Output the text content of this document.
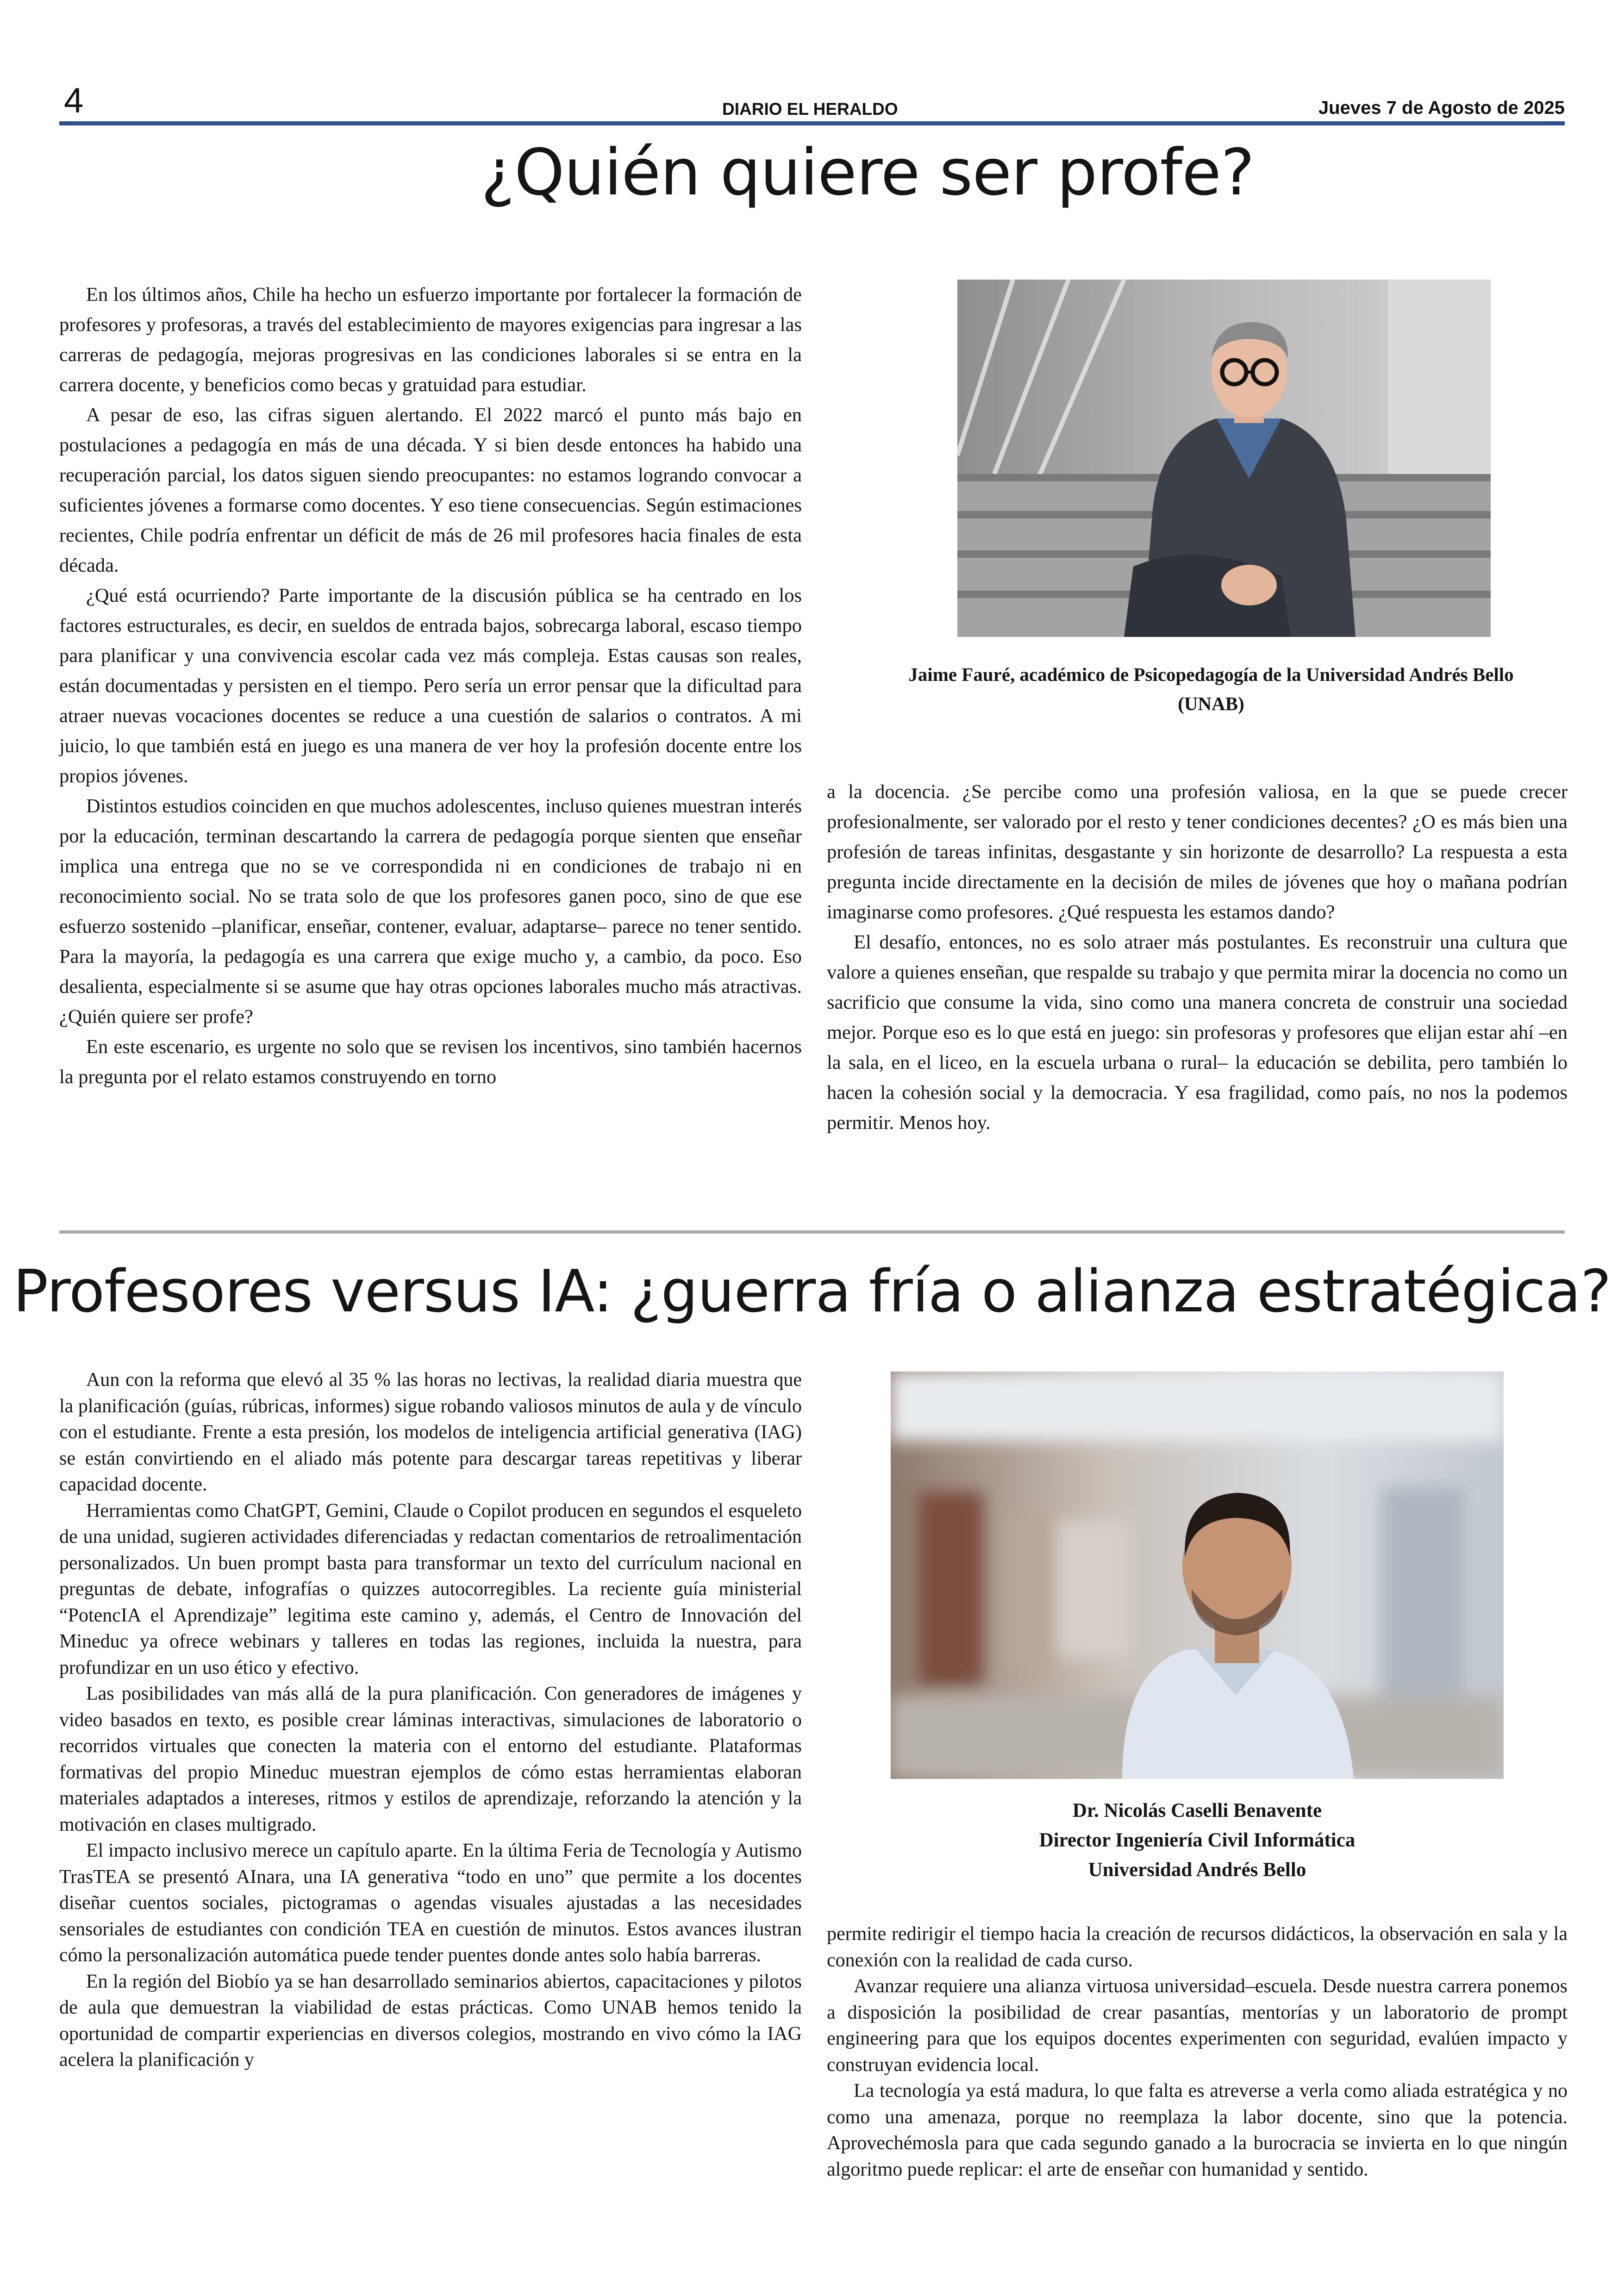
4	DIARIO EL HERALDO	Jueves 7 de Agosto de 2025
¿Quién quiere ser profe?

En los últimos años, Chile ha hecho un esfuerzo importante por fortalecer la formación de profesores y profesoras, a través del establecimiento de mayores exigencias para ingresar a las carreras de pedagogía, mejoras progresivas en las condiciones laborales si se entra en la carrera docente, y beneficios como becas y gratuidad para estudiar.

A pesar de eso, las cifras siguen alertando. El 2022 marcó el punto más bajo en postulaciones a pedagogía en más de una década. Y si bien desde entonces ha habido una recuperación parcial, los datos siguen siendo preocupantes: no estamos logrando convocar a suficientes jóvenes a formarse como docentes. Y eso tiene consecuencias. Según estimaciones recientes, Chile podría enfrentar un déficit de más de 26 mil profesores hacia finales de esta década.

¿Qué está ocurriendo? Parte importante de la discusión pública se ha centrado en los factores estructurales, es decir, en sueldos de entrada bajos, sobrecarga laboral, escaso tiempo para planificar y una convivencia escolar cada vez más compleja. Estas causas son reales, están documentadas y persisten en el tiempo. Pero sería un error pensar que la dificultad para atraer nuevas vocaciones docentes se reduce a una cuestión de salarios o contratos. A mi juicio, lo que también está en juego es una manera de ver hoy la profesión docente entre los propios jóvenes.

Distintos estudios coinciden en que muchos adolescentes, incluso quienes muestran interés por la educación, terminan descartando la carrera de pedagogía porque sienten que enseñar implica una entrega que no se ve correspondida ni en condiciones de trabajo ni en reconocimiento social. No se trata solo de que los profesores ganen poco, sino de que ese esfuerzo sostenido –planificar, enseñar, contener, evaluar, adaptarse– parece no tener sentido. Para la mayoría, la pedagogía es una carrera que exige mucho y, a cambio, da poco. Eso desalienta, especialmente si se asume que hay otras opciones laborales mucho más atractivas. ¿Quién quiere ser profe?

En este escenario, es urgente no solo que se revisen los incentivos, sino también hacernos la pregunta por el relato estamos construyendo en torno

Jaime Fauré, académico de Psicopedagogía de la Universidad Andrés Bello (UNAB)

a la docencia. ¿Se percibe como una profesión valiosa, en la que se puede crecer profesionalmente, ser valorado por el resto y tener condiciones decentes? ¿O es más bien una profesión de tareas infinitas, desgastante y sin horizonte de desarrollo? La respuesta a esta pregunta incide directamente en la decisión de miles de jóvenes que hoy o mañana podrían imaginarse como profesores. ¿Qué respuesta les estamos dando?

El desafío, entonces, no es solo atraer más postulantes. Es reconstruir una cultura que valore a quienes enseñan, que respalde su trabajo y que permita mirar la docencia no como un sacrificio que consume la vida, sino como una manera concreta de construir una sociedad mejor. Porque eso es lo que está en juego: sin profesoras y profesores que elijan estar ahí –en la sala, en el liceo, en la escuela urbana o rural– la educación se debilita, pero también lo hacen la cohesión social y la democracia. Y esa fragilidad, como país, no nos la podemos permitir. Menos hoy.

Profesores versus IA: ¿guerra fría o alianza estratégica?

Aun con la reforma que elevó al 35 % las horas no lectivas, la realidad diaria muestra que la planificación (guías, rúbricas, informes) sigue robando valiosos minutos de aula y de vínculo con el estudiante. Frente a esta presión, los modelos de inteligencia artificial generativa (IAG) se están convirtiendo en el aliado más potente para descargar tareas repetitivas y liberar capacidad docente.

Herramientas como ChatGPT, Gemini, Claude o Copilot producen en segundos el esqueleto de una unidad, sugieren actividades diferenciadas y redactan comentarios de retroalimentación personalizados. Un buen prompt basta para transformar un texto del currículum nacional en preguntas de debate, infografías o quizzes autocorregibles. La reciente guía ministerial “PotencIA el Aprendizaje” legitima este camino y, además, el Centro de Innovación del Mineduc ya ofrece webinars y talleres en todas las regiones, incluida la nuestra, para profundizar en un uso ético y efectivo.

Las posibilidades van más allá de la pura planificación. Con generadores de imágenes y video basados en texto, es posible crear láminas interactivas, simulaciones de laboratorio o recorridos virtuales que conecten la materia con el entorno del estudiante. Plataformas formativas del propio Mineduc muestran ejemplos de cómo estas herramientas elaboran materiales adaptados a intereses, ritmos y estilos de aprendizaje, reforzando la atención y la motivación en clases multigrado.

El impacto inclusivo merece un capítulo aparte. En la última Feria de Tecnología y Autismo TrasTEA se presentó AInara, una IA generativa “todo en uno” que permite a los docentes diseñar cuentos sociales, pictogramas o agendas visuales ajustadas a las necesidades sensoriales de estudiantes con condición TEA en cuestión de minutos. Estos avances ilustran cómo la personalización automática puede tender puentes donde antes solo había barreras.

En la región del Biobío ya se han desarrollado seminarios abiertos, capacitaciones y pilotos de aula que demuestran la viabilidad de estas prácticas. Como UNAB hemos tenido la oportunidad de compartir experiencias en diversos colegios, mostrando en vivo cómo la IAG acelera la planificación y

Dr. Nicolás Caselli Benavente
Director Ingeniería Civil Informática
Universidad Andrés Bello

permite redirigir el tiempo hacia la creación de recursos didácticos, la observación en sala y la conexión con la realidad de cada curso.

Avanzar requiere una alianza virtuosa universidad–escuela. Desde nuestra carrera ponemos a disposición la posibilidad de crear pasantías, mentorías y un laboratorio de prompt engineering para que los equipos docentes experimenten con seguridad, evalúen impacto y construyan evidencia local.

La tecnología ya está madura, lo que falta es atreverse a verla como aliada estratégica y no como una amenaza, porque no reemplaza la labor docente, sino que la potencia. Aprovechémosla para que cada segundo ganado a la burocracia se invierta en lo que ningún algoritmo puede replicar: el arte de enseñar con humanidad y sentido.
